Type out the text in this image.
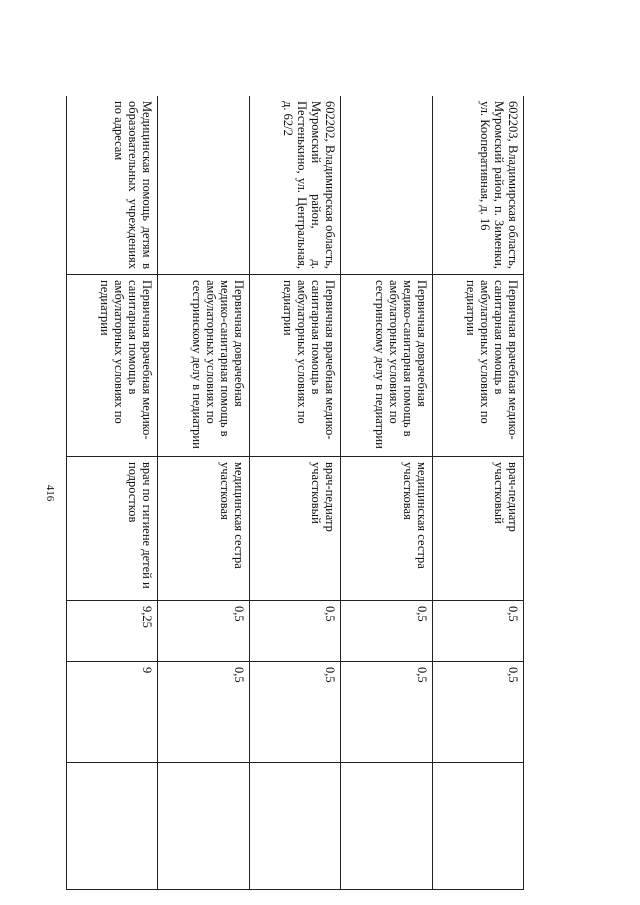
416
602203, Владимирская область, Муромский район, п. Зименки, ул. Кооперативная, д. 16	Первичная врачебная медико-санитарная помощь в амбулаторных условиях по педиатрии	врач-педиатр участковый	0,5	0,5	
	Первичная доврачебная медико-санитарная помощь в амбулаторных условиях по сестринскому делу в педиатрии	медицинская сестра участковая	0,5	0,5	
602202, Владимирская область, Муромский район, д. Пестенькино, ул. Центральная, д. 62/2	Первичная врачебная медико-санитарная помощь в амбулаторных условиях по педиатрии	врач-педиатр участковый	0,5	0,5	
	Первичная доврачебная медико-санитарная помощь в амбулаторных условиях по сестринскому делу в педиатрии	медицинская сестра участковая	0,5	0,5	
Медицинская помощь детям в образовательных учреждениях по адресам	Первичная врачебная медико-санитарная помощь в амбулаторных условиях по педиатрии	врач по гигиене детей и подростков	9,25	9	
